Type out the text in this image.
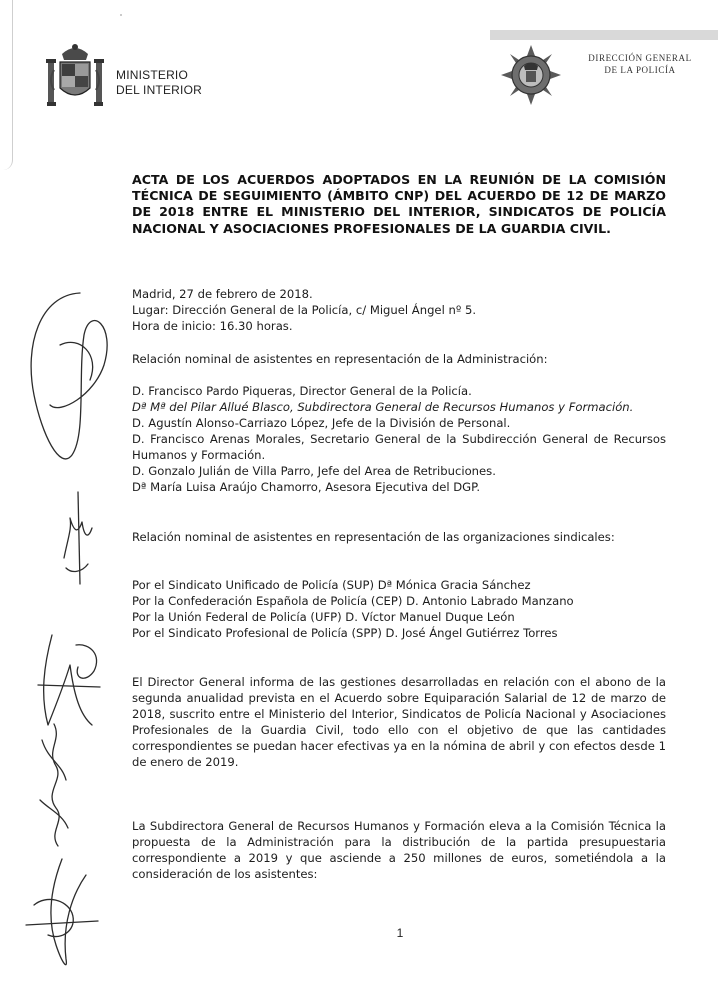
MINISTERIO
DEL INTERIOR
DIRECCIÓN GENERAL
DE LA POLICÍA
ACTA DE LOS ACUERDOS ADOPTADOS EN LA REUNIÓN DE LA COMISIÓN TÉCNICA DE SEGUIMIENTO (ÁMBITO CNP) DEL ACUERDO DE 12 DE MARZO DE 2018 ENTRE EL MINISTERIO DEL INTERIOR, SINDICATOS DE POLICÍA NACIONAL Y ASOCIACIONES PROFESIONALES DE LA GUARDIA CIVIL.
Madrid, 27 de febrero de 2018.
Lugar: Dirección General de la Policía, c/ Miguel Ángel nº 5.
Hora de inicio: 16.30 horas.
Relación nominal de asistentes en representación de la Administración:
D. Francisco Pardo Piqueras, Director General de la Policía.
Dª Mª del Pilar Allué Blasco, Subdirectora General de Recursos Humanos y Formación.
D. Agustín Alonso-Carriazo López, Jefe de la División de Personal.
D. Francisco Arenas Morales, Secretario General de la Subdirección General de Recursos Humanos y Formación.
D. Gonzalo Julián de Villa Parro, Jefe del Area de Retribuciones.
Dª María Luisa Araújo Chamorro, Asesora Ejecutiva del DGP.
Relación nominal de asistentes en representación de las organizaciones sindicales:
Por el Sindicato Unificado de Policía (SUP) Dª Mónica Gracia Sánchez
Por la Confederación Española de Policía (CEP) D. Antonio Labrado Manzano
Por la Unión Federal de Policía (UFP) D. Víctor Manuel Duque León
Por el Sindicato Profesional de Policía (SPP) D. José Ángel Gutiérrez Torres
El Director General informa de las gestiones desarrolladas en relación con el abono de la segunda anualidad prevista en el Acuerdo sobre Equiparación Salarial de 12 de marzo de 2018, suscrito entre el Ministerio del Interior, Sindicatos de Policía Nacional y Asociaciones Profesionales de la Guardia Civil, todo ello con el objetivo de que las cantidades correspondientes se puedan hacer efectivas ya en la nómina de abril y con efectos desde 1 de enero de 2019.
La Subdirectora General de Recursos Humanos y Formación eleva a la Comisión Técnica la propuesta de la Administración para la distribución de la partida presupuestaria correspondiente a 2019 y que asciende a 250 millones de euros, sometiéndola a la consideración de los asistentes:
1
